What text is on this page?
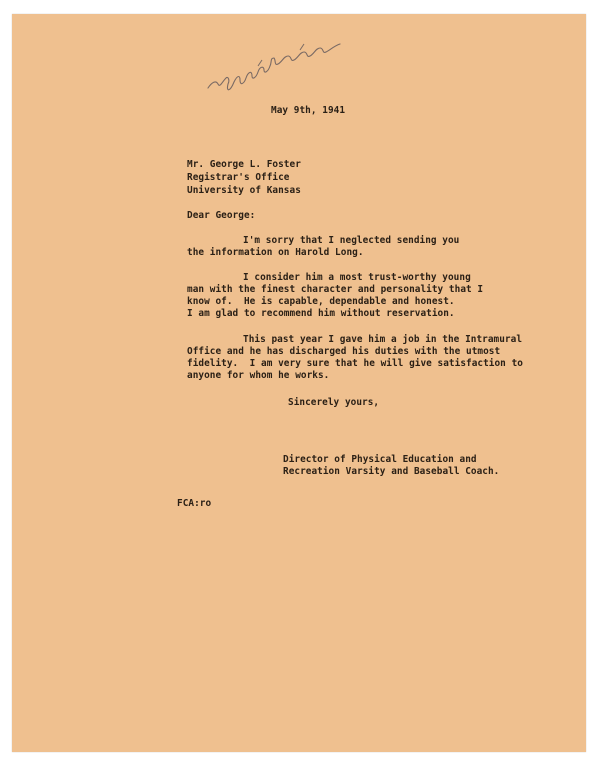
May 9th, 1941
Mr. George L. Foster
Registrar's Office
University of Kansas
Dear George:
I'm sorry that I neglected sending you
the information on Harold Long.
I consider him a most trust-worthy young
man with the finest character and personality that I
know of.  He is capable, dependable and honest.
I am glad to recommend him without reservation.
This past year I gave him a job in the Intramural
Office and he has discharged his duties with the utmost
fidelity.  I am very sure that he will give satisfaction to
anyone for whom he works.
Sincerely yours,
Director of Physical Education and
Recreation Varsity and Baseball Coach.
FCA:ro
